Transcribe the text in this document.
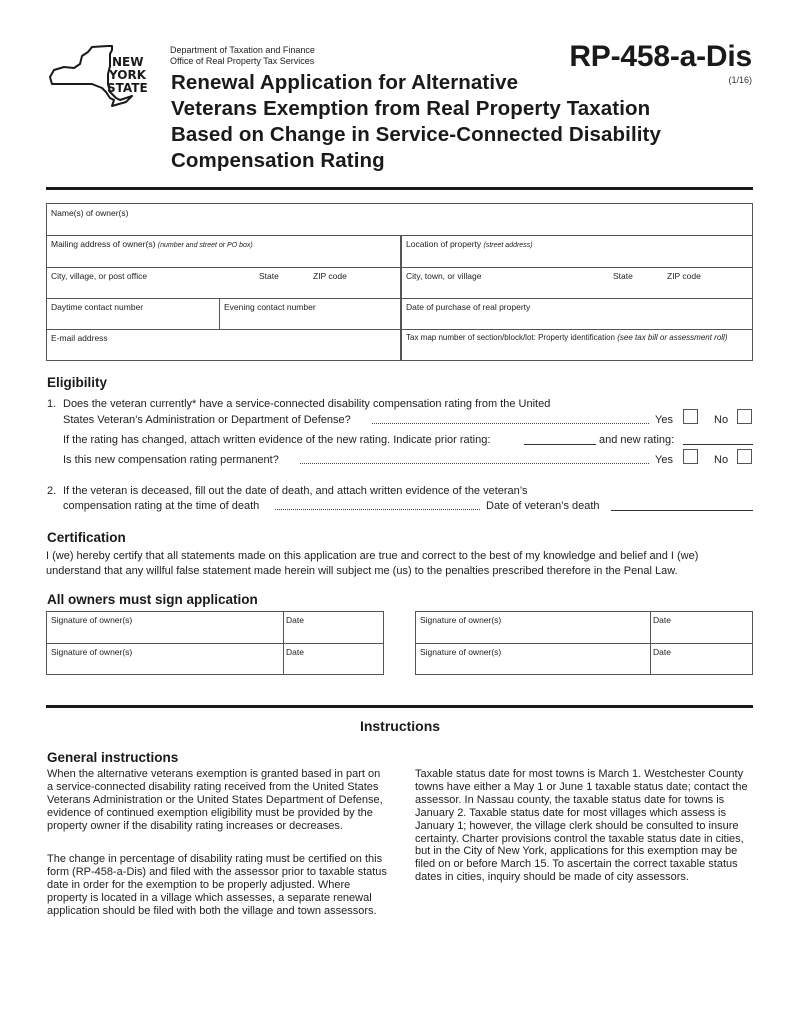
NEW
YORK
STATE
Department of Taxation and Finance
Office of Real Property Tax Services
Renewal Application for Alternative
Veterans Exemption from Real Property Taxation
Based on Change in Service-Connected Disability
Compensation Rating
RP-458-a-Dis
(1/16)
Name(s) of owner(s)
Mailing address of owner(s) (number and street or PO box)	Location of property (street address)
City, village, or post office	State	ZIP code	City, town, or village	State	ZIP code
Daytime contact number	Evening contact number	Date of purchase of real property
E-mail address	Tax map number of section/block/lot: Property identification (see tax bill or assessment roll)
Eligibility
1. Does the veteran currently* have a service-connected disability compensation rating from the United
States Veteran’s Administration or Department of Defense?	Yes	No
If the rating has changed, attach written evidence of the new rating. Indicate prior rating:	and new rating:
Is this new compensation rating permanent?	Yes	No
2. If the veteran is deceased, fill out the date of death, and attach written evidence of the veteran’s
compensation rating at the time of death	Date of veteran’s death
Certification
I (we) hereby certify that all statements made on this application are true and correct to the best of my knowledge and belief and I (we) understand that any willful false statement made herein will subject me (us) to the penalties prescribed therefore in the Penal Law.
All owners must sign application
Signature of owner(s)	Date
Signature of owner(s)	Date
Signature of owner(s)	Date
Signature of owner(s)	Date
Instructions
General instructions
When the alternative veterans exemption is granted based in part on a service-connected disability rating received from the United States Veterans Administration or the United States Department of Defense, evidence of continued exemption eligibility must be provided by the property owner if the disability rating increases or decreases.
The change in percentage of disability rating must be certified on this form (RP-458-a-Dis) and filed with the assessor prior to taxable status date in order for the exemption to be properly adjusted. Where property is located in a village which assesses, a separate renewal application should be filed with both the village and town assessors.
Taxable status date for most towns is March 1. Westchester County towns have either a May 1 or June 1 taxable status date; contact the assessor. In Nassau county, the taxable status date for towns is January 2. Taxable status date for most villages which assess is January 1; however, the village clerk should be consulted to insure certainty. Charter provisions control the taxable status date in cities, but in the City of New York, applications for this exemption may be filed on or before March 15. To ascertain the correct taxable status dates in cities, inquiry should be made of city assessors.
